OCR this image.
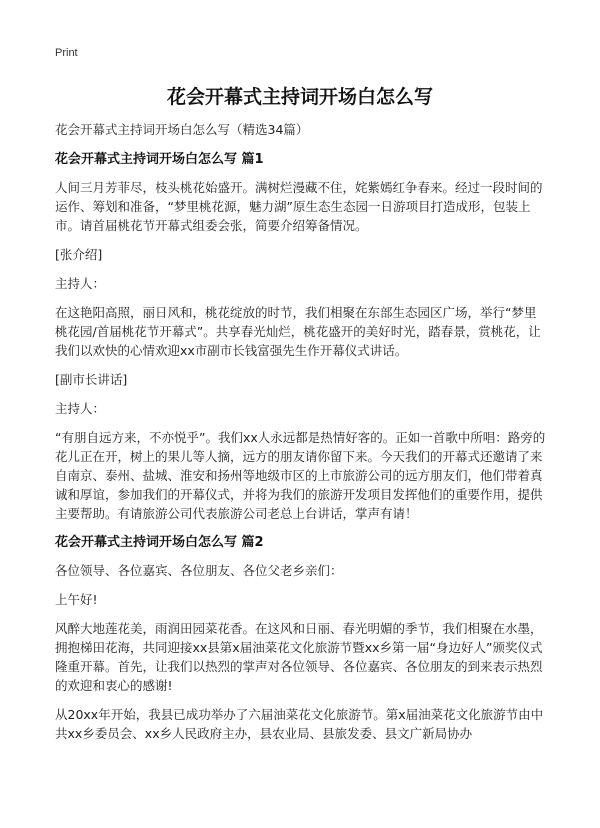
Print
花会开幕式主持词开场白怎么写
花会开幕式主持词开场白怎么写（精选34篇）
花会开幕式主持词开场白怎么写 篇1

人间三月芳菲尽，枝头桃花始盛开。满树烂漫藏不住，姹紫嫣红争春来。经过一段时间的运作、筹划和准备，“梦里桃花源，魅力湖”原生态生态园一日游项目打造成形，包装上市。请首届桃花节开幕式组委会张，简要介绍筹备情况。

[张介绍]

主持人：

在这艳阳高照，丽日风和，桃花绽放的时节，我们相聚在东部生态园区广场，举行“梦里桃花园/首届桃花节开幕式”。共享春光灿烂，桃花盛开的美好时光，踏春景，赏桃花，让我们以欢快的心情欢迎xx市副市长钱富强先生作开幕仪式讲话。

[副市长讲话]

主持人：

“有朋自远方来，不亦悦乎”。我们xx人永远都是热情好客的。正如一首歌中所唱：路旁的花儿正在开，树上的果儿等人摘，远方的朋友请你留下来。今天我们的开幕式还邀请了来自南京、泰州、盐城、淮安和扬州等地级市区的上市旅游公司的远方朋友们，他们带着真诚和厚谊，参加我们的开幕仪式，并将为我们的旅游开发项目发挥他们的重要作用，提供主要帮助。有请旅游公司代表旅游公司老总上台讲话，掌声有请！

花会开幕式主持词开场白怎么写 篇2

各位领导、各位嘉宾、各位朋友、各位父老乡亲们：

上午好!

风醉大地莲花美，雨润田园菜花香。在这风和日丽、春光明媚的季节，我们相聚在水墨，拥抱梯田花海，共同迎接xx县第x届油菜花文化旅游节暨xx乡第一届“身边好人”颁奖仪式隆重开幕。首先，让我们以热烈的掌声对各位领导、各位嘉宾、各位朋友的到来表示热烈的欢迎和衷心的感谢!

从20xx年开始，我县已成功举办了六届油菜花文化旅游节。第x届油菜花文化旅游节由中共xx乡委员会、xx乡人民政府主办，县农业局、县旅发委、县文广新局协办
